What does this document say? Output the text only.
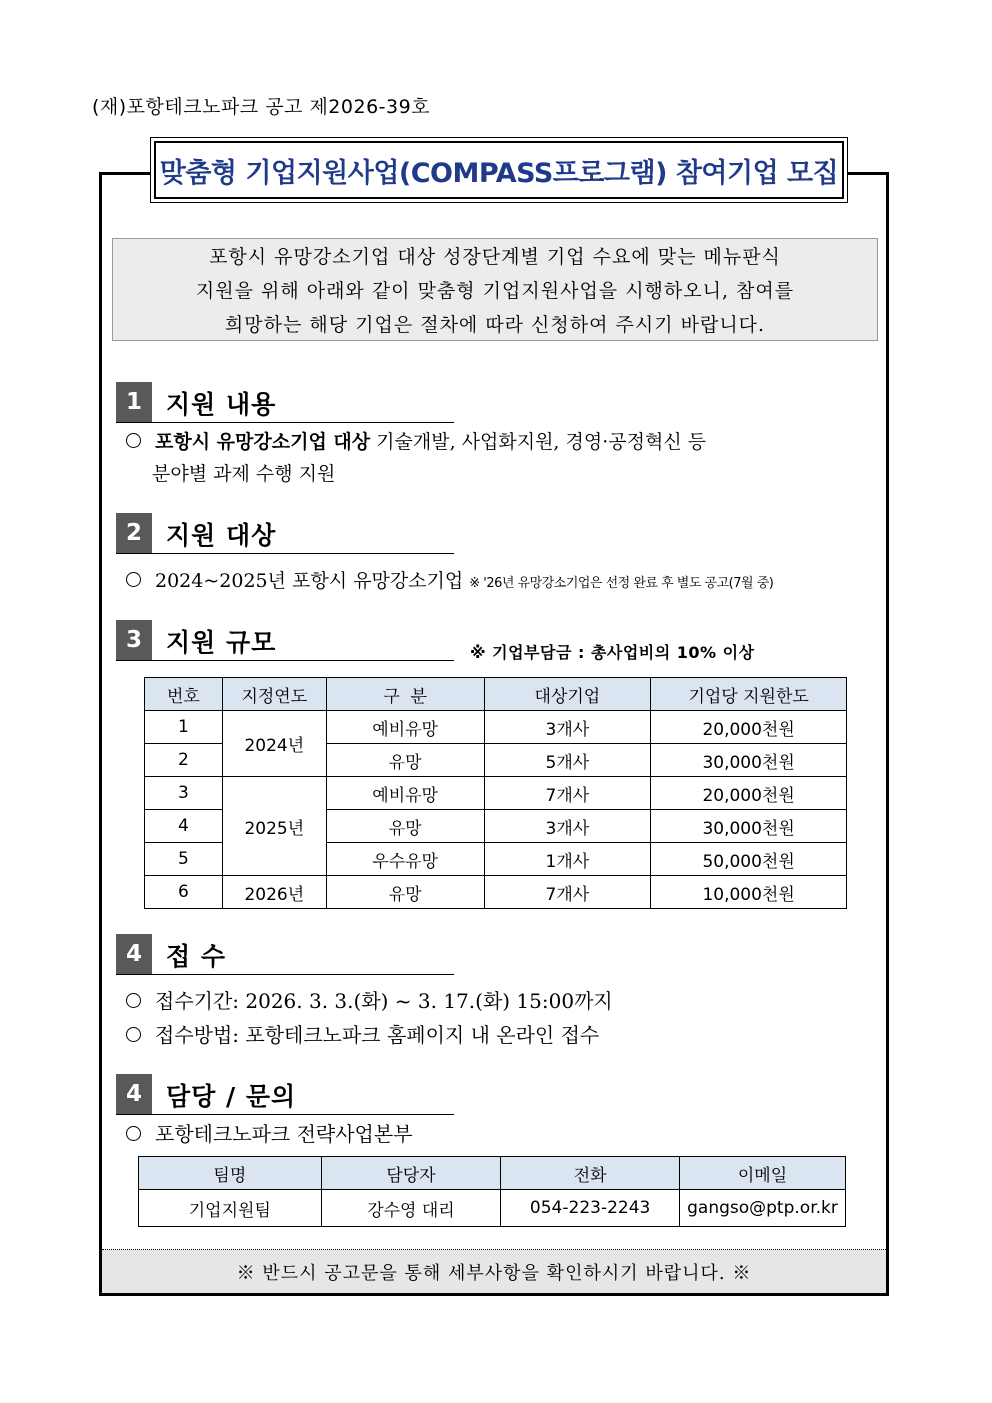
(재)포항테크노파크 공고 제2026-39호
맞춤형 기업지원사업(COMPASS프로그램) 참여기업 모집
포항시 유망강소기업 대상 성장단계별 기업 수요에 맞는 메뉴판식
지원을 위해 아래와 같이 맞춤형 기업지원사업을 시행하오니, 참여를
희망하는 해당 기업은 절차에 따라 신청하여 주시기 바랍니다.
1 지원 내용
포항시 유망강소기업 대상 기술개발, 사업화지원, 경영·공정혁신 등
분야별 과제 수행 지원
2 지원 대상
2024~2025년 포항시 유망강소기업 ※ '26년 유망강소기업은 선정 완료 후 별도 공고(7월 중)
3 지원 규모	※ 기업부담금 : 총사업비의 10% 이상
번호	지정연도	구  분	대상기업	기업당 지원한도
1	2024년	예비유망	3개사	20,000천원
2		유망	5개사	30,000천원
3	2025년	예비유망	7개사	20,000천원
4		유망	3개사	30,000천원
5		우수유망	1개사	50,000천원
6	2026년	유망	7개사	10,000천원
4 접 수
접수기간: 2026. 3. 3.(화) ~ 3. 17.(화) 15:00까지
접수방법: 포항테크노파크 홈페이지 내 온라인 접수
4 담당 / 문의
포항테크노파크 전략사업본부
팀명	담당자	전화	이메일
기업지원팀	강수영 대리	054-223-2243	gangso@ptp.or.kr
※ 반드시 공고문을 통해 세부사항을 확인하시기 바랍니다. ※
